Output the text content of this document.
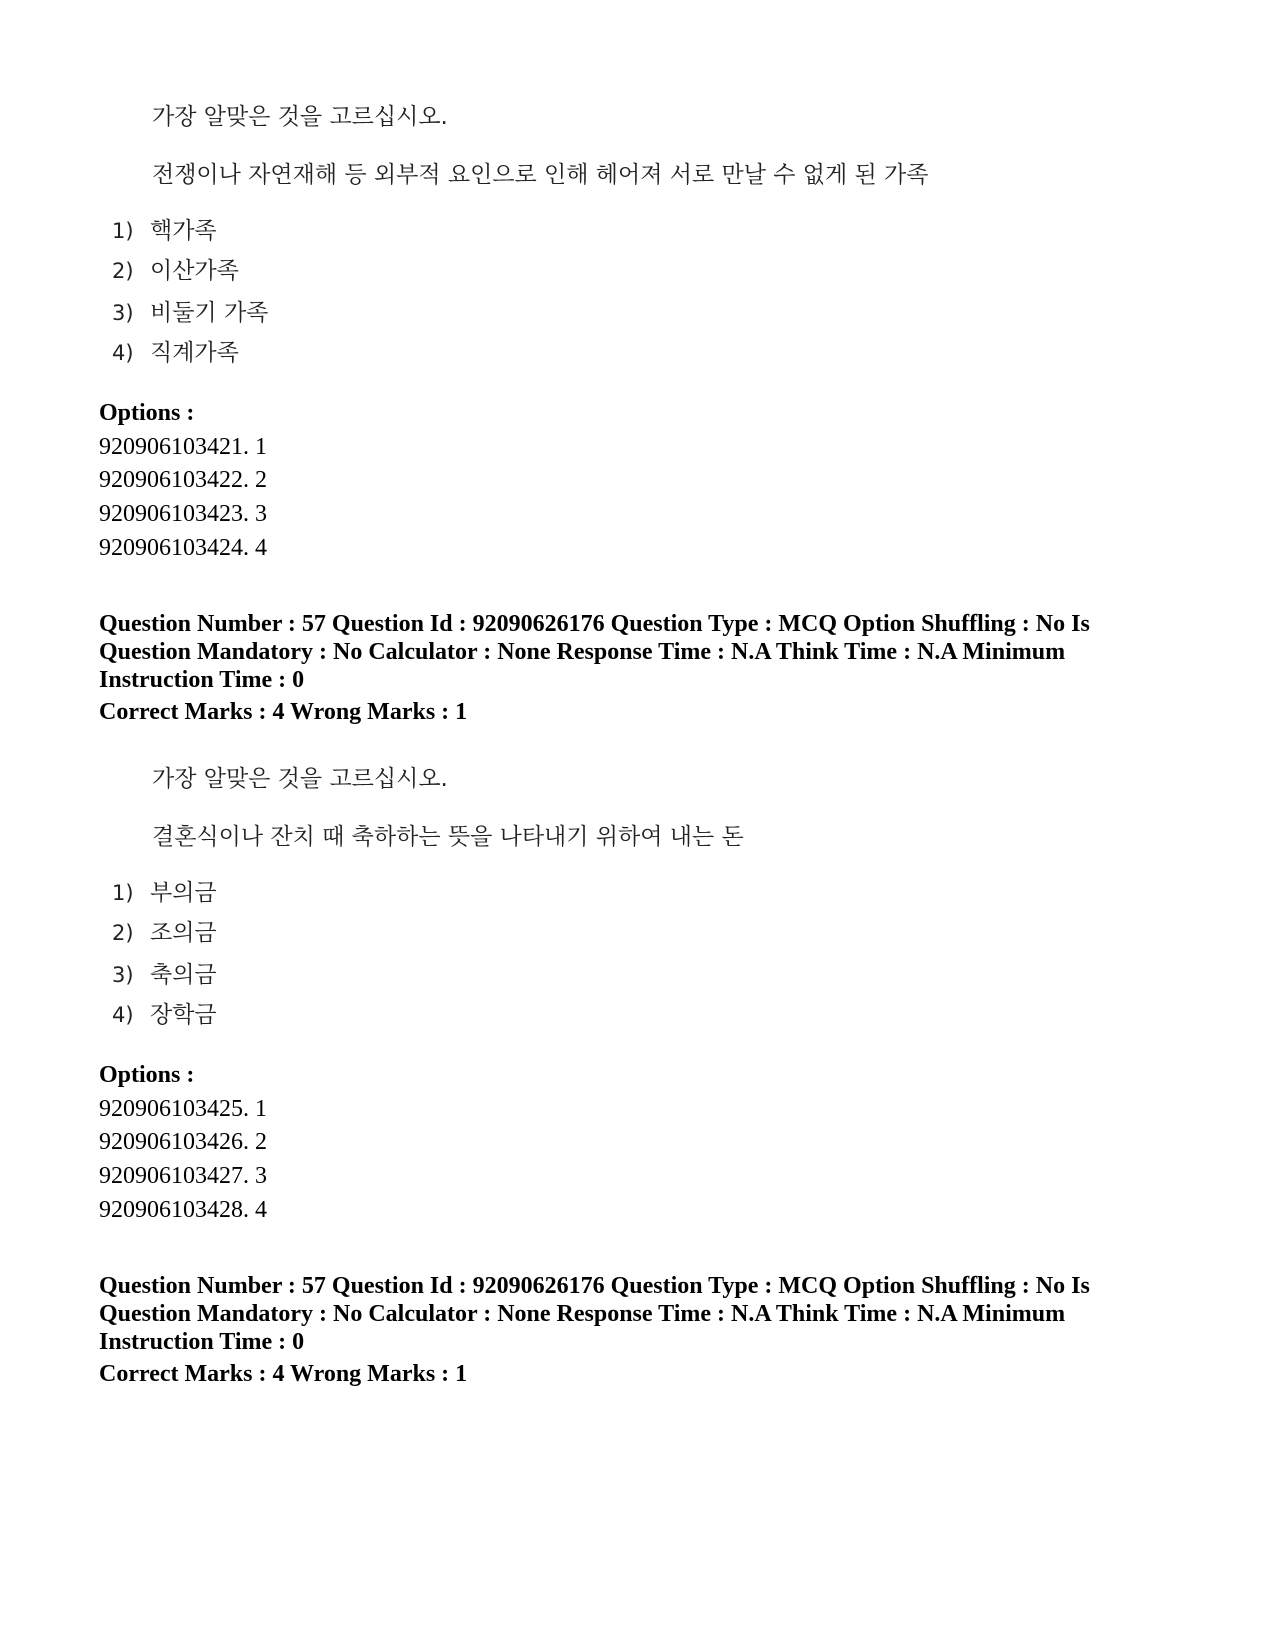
가장 알맞은 것을 고르십시오.
전쟁이나 자연재해 등 외부적 요인으로 인해 헤어져 서로 만날 수 없게 된 가족
1) 핵가족
2) 이산가족
3) 비둘기 가족
4) 직계가족
Options :
920906103421. 1
920906103422. 2
920906103423. 3
920906103424. 4
Question Number : 57 Question Id : 92090626176 Question Type : MCQ Option Shuffling : No Is Question Mandatory : No Calculator : None Response Time : N.A Think Time : N.A Minimum Instruction Time : 0
Correct Marks : 4 Wrong Marks : 1
가장 알맞은 것을 고르십시오.
결혼식이나 잔치 때 축하하는 뜻을 나타내기 위하여 내는 돈
1) 부의금
2) 조의금
3) 축의금
4) 장학금
Options :
920906103425. 1
920906103426. 2
920906103427. 3
920906103428. 4
Question Number : 57 Question Id : 92090626176 Question Type : MCQ Option Shuffling : No Is Question Mandatory : No Calculator : None Response Time : N.A Think Time : N.A Minimum Instruction Time : 0
Correct Marks : 4 Wrong Marks : 1
